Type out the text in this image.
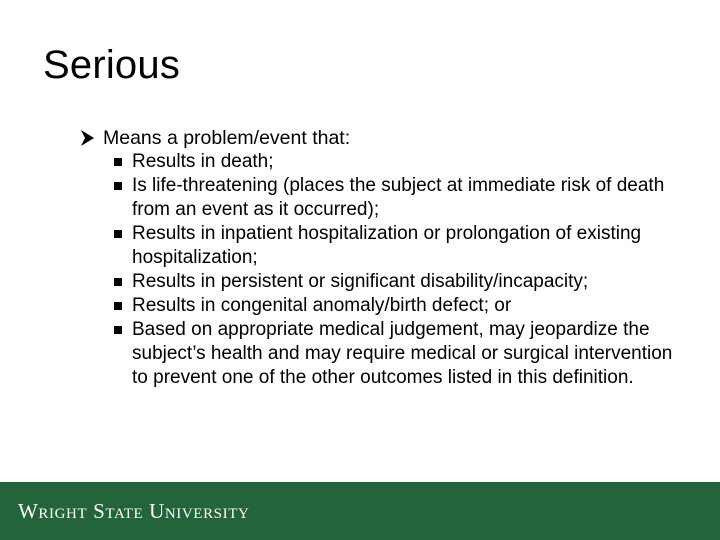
Serious
Means a problem/event that:
Results in death;
Is life-threatening (places the subject at immediate risk of death from an event as it occurred);
Results in inpatient hospitalization or prolongation of existing hospitalization;
Results in persistent or significant disability/incapacity;
Results in congenital anomaly/birth defect; or
Based on appropriate medical judgement, may jeopardize the subject’s health and may require medical or surgical intervention to prevent one of the other outcomes listed in this definition.
Wright State University
